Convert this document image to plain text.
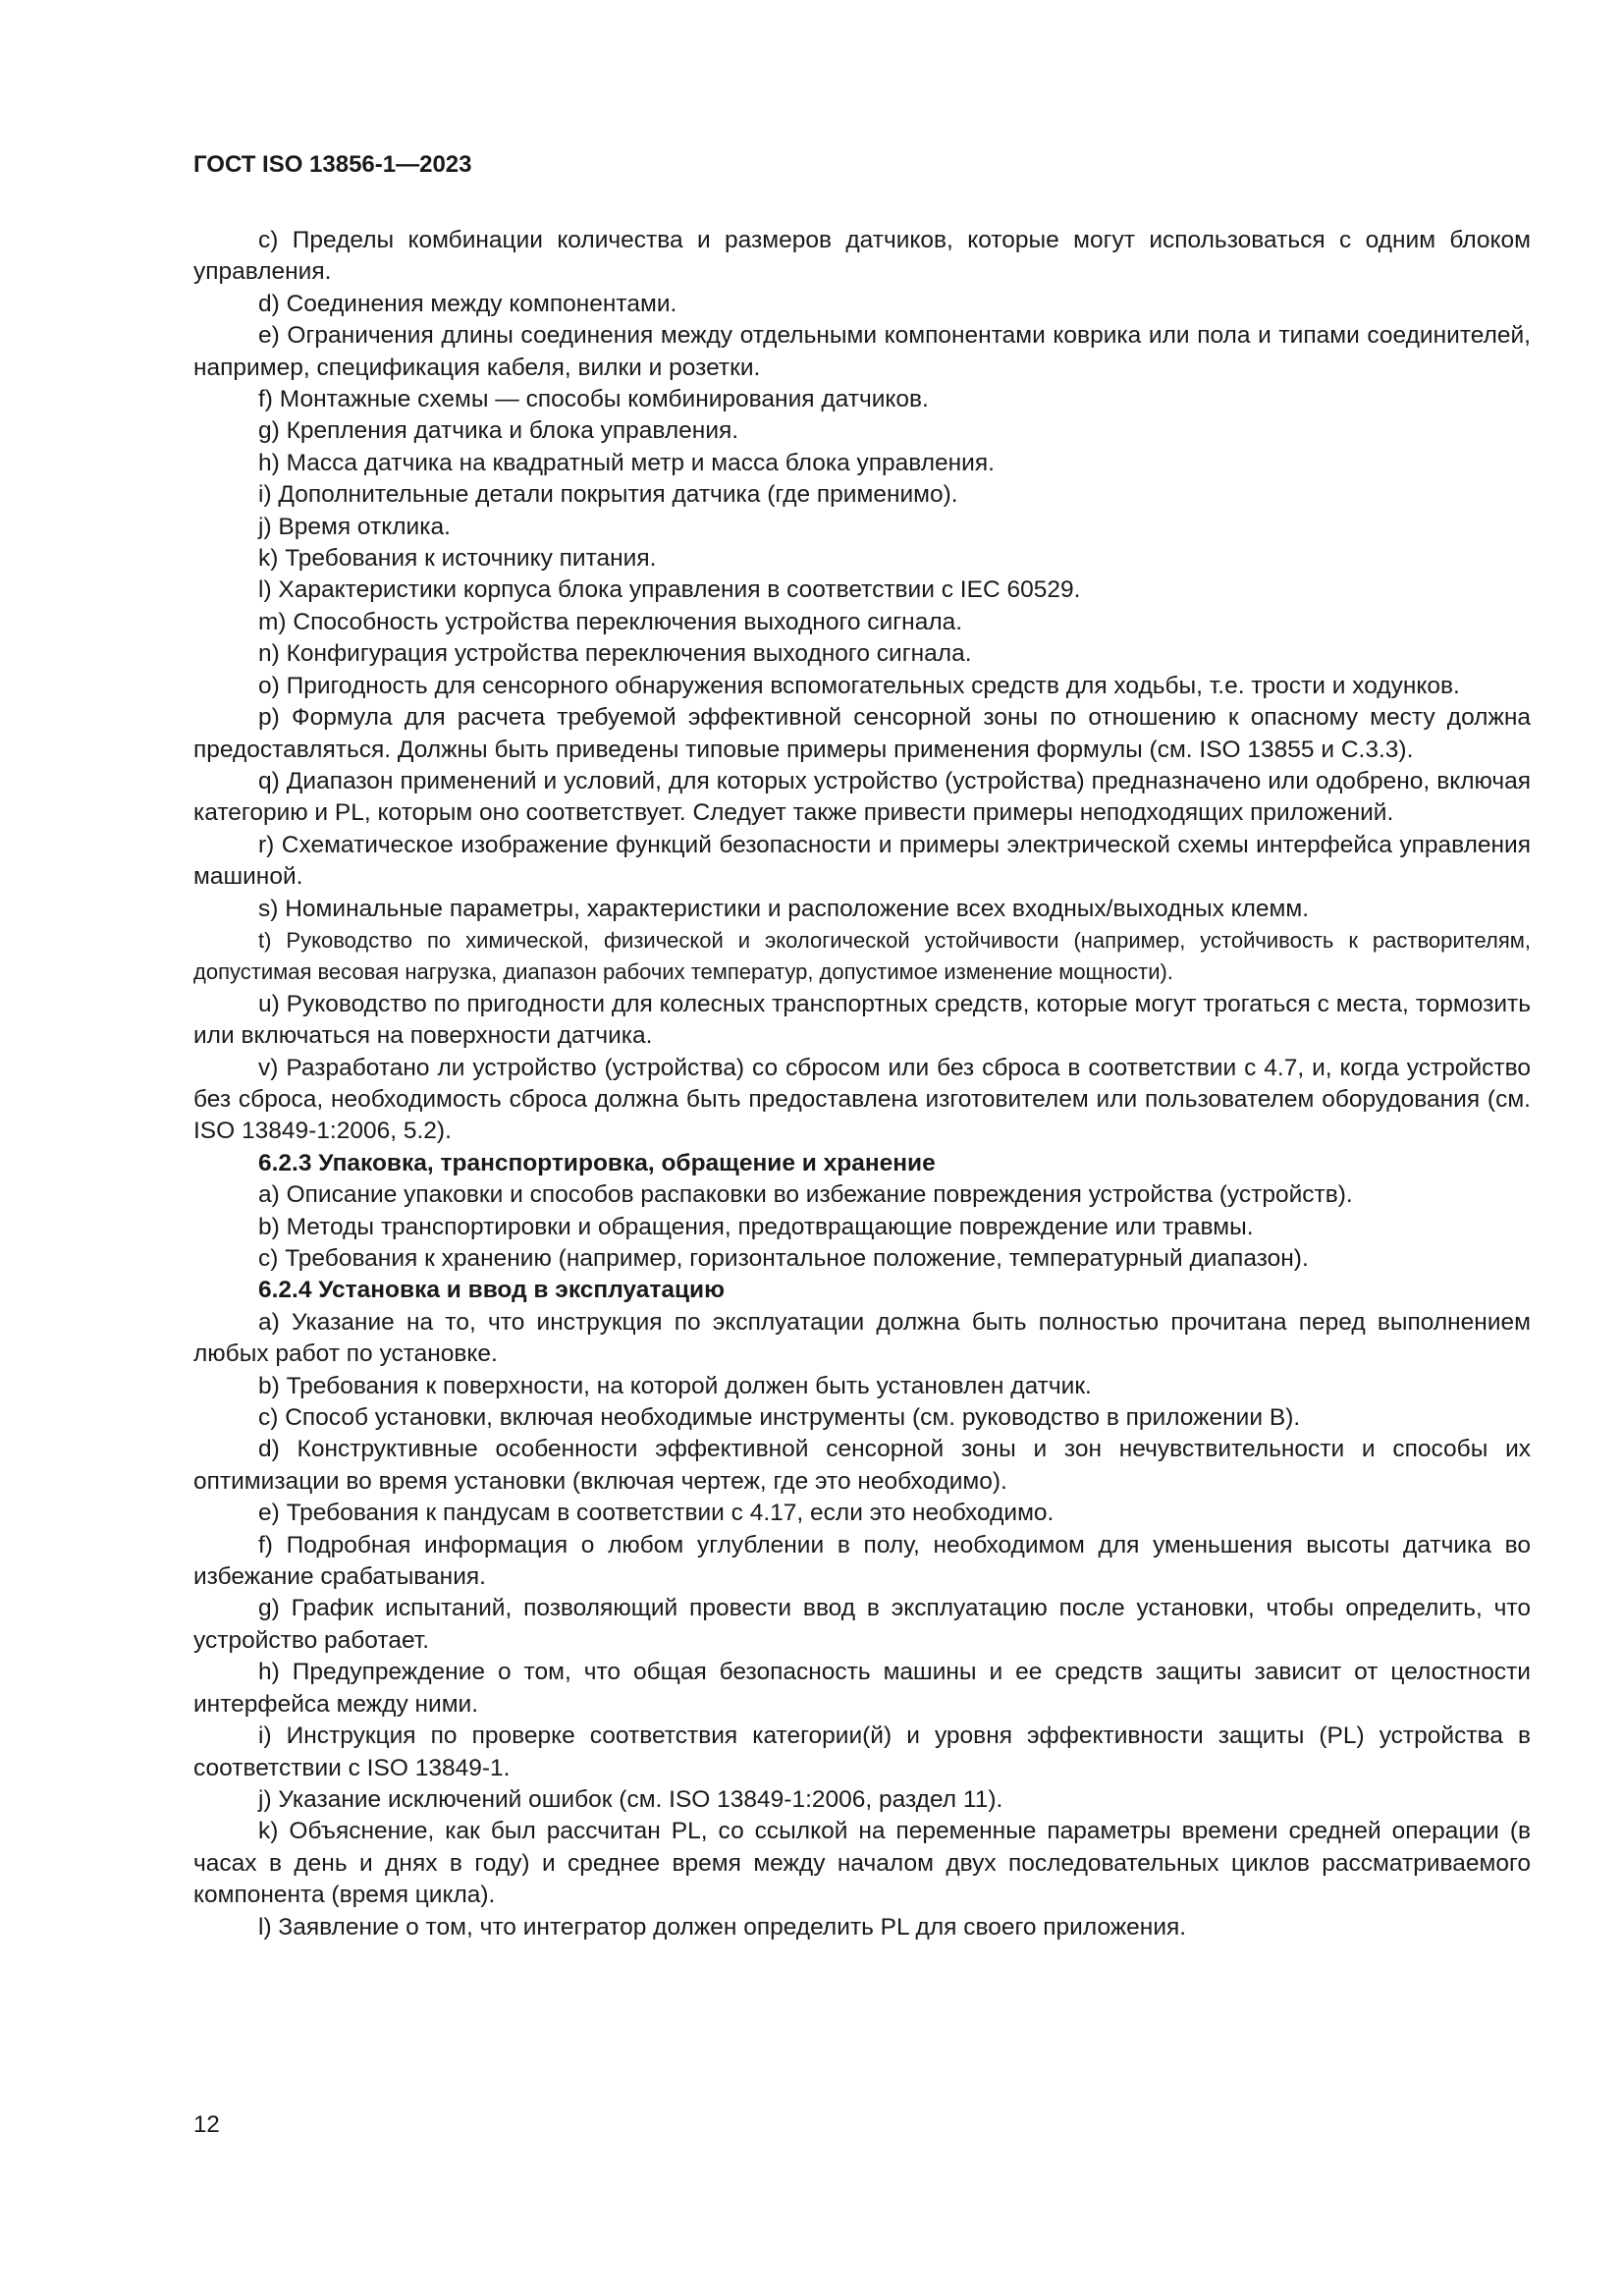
ГОСТ ISO 13856-1—2023

c) Пределы комбинации количества и размеров датчиков, которые могут использоваться с одним блоком управления.

d) Соединения между компонентами.

e) Ограничения длины соединения между отдельными компонентами коврика или пола и типами соединителей, например, спецификация кабеля, вилки и розетки.

f) Монтажные схемы — способы комбинирования датчиков.

g) Крепления датчика и блока управления.

h) Масса датчика на квадратный метр и масса блока управления.

i) Дополнительные детали покрытия датчика (где применимо).

j) Время отклика.

k) Требования к источнику питания.

l) Характеристики корпуса блока управления в соответствии с IEC 60529.

m) Способность устройства переключения выходного сигнала.

n) Конфигурация устройства переключения выходного сигнала.

o) Пригодность для сенсорного обнаружения вспомогательных средств для ходьбы, т.е. трости и ходунков.

p) Формула для расчета требуемой эффективной сенсорной зоны по отношению к опасному месту должна предоставляться. Должны быть приведены типовые примеры применения формулы (см. ISO 13855 и C.3.3).

q) Диапазон применений и условий, для которых устройство (устройства) предназначено или одобрено, включая категорию и PL, которым оно соответствует. Следует также привести примеры неподходящих приложений.

r) Схематическое изображение функций безопасности и примеры электрической схемы интерфейса управления машиной.

s) Номинальные параметры, характеристики и расположение всех входных/выходных клемм.

t) Руководство по химической, физической и экологической устойчивости (например, устойчивость к растворителям, допустимая весовая нагрузка, диапазон рабочих температур, допустимое изменение мощности).

u) Руководство по пригодности для колесных транспортных средств, которые могут трогаться с места, тормозить или включаться на поверхности датчика.

v) Разработано ли устройство (устройства) со сбросом или без сброса в соответствии с 4.7, и, когда устройство без сброса, необходимость сброса должна быть предоставлена изготовителем или пользователем оборудования (см. ISO 13849-1:2006, 5.2).

6.2.3 Упаковка, транспортировка, обращение и хранение

a) Описание упаковки и способов распаковки во избежание повреждения устройства (устройств).

b) Методы транспортировки и обращения, предотвращающие повреждение или травмы.

c) Требования к хранению (например, горизонтальное положение, температурный диапазон).

6.2.4 Установка и ввод в эксплуатацию

a) Указание на то, что инструкция по эксплуатации должна быть полностью прочитана перед выполнением любых работ по установке.

b) Требования к поверхности, на которой должен быть установлен датчик.

c) Способ установки, включая необходимые инструменты (см. руководство в приложении B).

d) Конструктивные особенности эффективной сенсорной зоны и зон нечувствительности и способы их оптимизации во время установки (включая чертеж, где это необходимо).

e) Требования к пандусам в соответствии с 4.17, если это необходимо.

f) Подробная информация о любом углублении в полу, необходимом для уменьшения высоты датчика во избежание срабатывания.

g) График испытаний, позволяющий провести ввод в эксплуатацию после установки, чтобы определить, что устройство работает.

h) Предупреждение о том, что общая безопасность машины и ее средств защиты зависит от целостности интерфейса между ними.

i) Инструкция по проверке соответствия категории(й) и уровня эффективности защиты (PL) устройства в соответствии с ISO 13849-1.

j) Указание исключений ошибок (см. ISO 13849-1:2006, раздел 11).

k) Объяснение, как был рассчитан PL, со ссылкой на переменные параметры времени средней операции (в часах в день и днях в году) и среднее время между началом двух последовательных циклов рассматриваемого компонента (время цикла).

l) Заявление о том, что интегратор должен определить PL для своего приложения.

12
